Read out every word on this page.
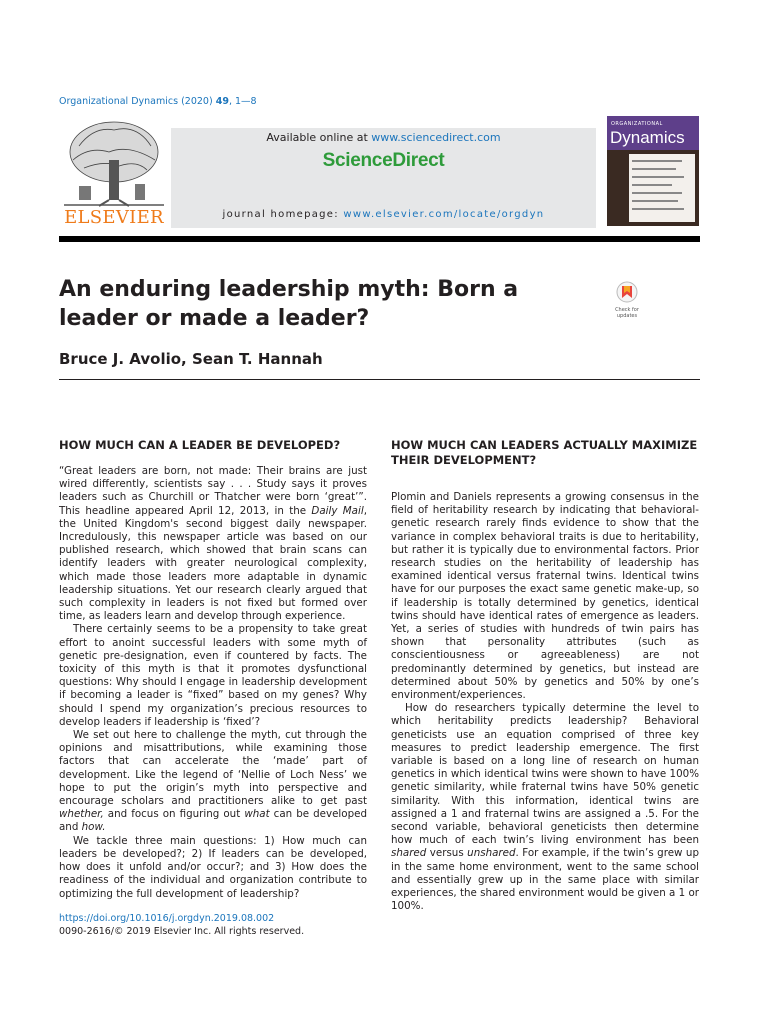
Organizational Dynamics (2020) 49, 1—8
ELSEVIER
Available online at www.sciencedirect.com
ScienceDirect
journal homepage: www.elsevier.com/locate/orgdyn
ORGANIZATIONAL
Dynamics
An enduring leadership myth: Born a leader or made a leader?	Check for updates
Bruce J. Avolio, Sean T. Hannah
HOW MUCH CAN A LEADER BE DEVELOPED?

“Great leaders are born, not made: Their brains are just wired differently, scientists say . . . Study says it proves leaders such as Churchill or Thatcher were born ‘great’”. This headline appeared April 12, 2013, in the Daily Mail, the United Kingdom's second biggest daily newspaper. Incredulously, this newspaper article was based on our published research, which showed that brain scans can identify leaders with greater neurological complexity, which made those leaders more adaptable in dynamic leadership situations. Yet our research clearly argued that such complexity in leaders is not fixed but formed over time, as leaders learn and develop through experience.

There certainly seems to be a propensity to take great effort to anoint successful leaders with some myth of genetic pre-designation, even if countered by facts. The toxicity of this myth is that it promotes dysfunctional questions: Why should I engage in leadership development if becoming a leader is “fixed” based on my genes? Why should I spend my organization’s precious resources to develop leaders if leadership is ‘fixed’?

We set out here to challenge the myth, cut through the opinions and misattributions, while examining those factors that can accelerate the ‘made’ part of development. Like the legend of ‘Nellie of Loch Ness’ we hope to put the origin’s myth into perspective and encourage scholars and practitioners alike to get past whether, and focus on figuring out what can be developed and how.

We tackle three main questions: 1) How much can leaders be developed?; 2) If leaders can be developed, how does it unfold and/or occur?; and 3) How does the readiness of the individual and organization contribute to optimizing the full development of leadership?

HOW MUCH CAN LEADERS ACTUALLY MAXIMIZE THEIR DEVELOPMENT?

Plomin and Daniels represents a growing consensus in the field of heritability research by indicating that behavioral-genetic research rarely finds evidence to show that the variance in complex behavioral traits is due to heritability, but rather it is typically due to environmental factors. Prior research studies on the heritability of leadership has examined identical versus fraternal twins. Identical twins have for our purposes the exact same genetic make-up, so if leadership is totally determined by genetics, identical twins should have identical rates of emergence as leaders. Yet, a series of studies with hundreds of twin pairs has shown that personality attributes (such as conscientiousness or agreeableness) are not predominantly determined by genetics, but instead are determined about 50% by genetics and 50% by one’s environment/experiences.

How do researchers typically determine the level to which heritability predicts leadership? Behavioral geneticists use an equation comprised of three key measures to predict leadership emergence. The first variable is based on a long line of research on human genetics in which identical twins were shown to have 100% genetic similarity, while fraternal twins have 50% genetic similarity. With this information, identical twins are assigned a 1 and fraternal twins are assigned a .5. For the second variable, behavioral geneticists then determine how much of each twin’s living environment has been shared versus unshared. For example, if the twin’s grew up in the same home environment, went to the same school and essentially grew up in the same place with similar experiences, the shared environment would be given a 1 or 100%.

https://doi.org/10.1016/j.orgdyn.2019.08.002
0090-2616/© 2019 Elsevier Inc. All rights reserved.
